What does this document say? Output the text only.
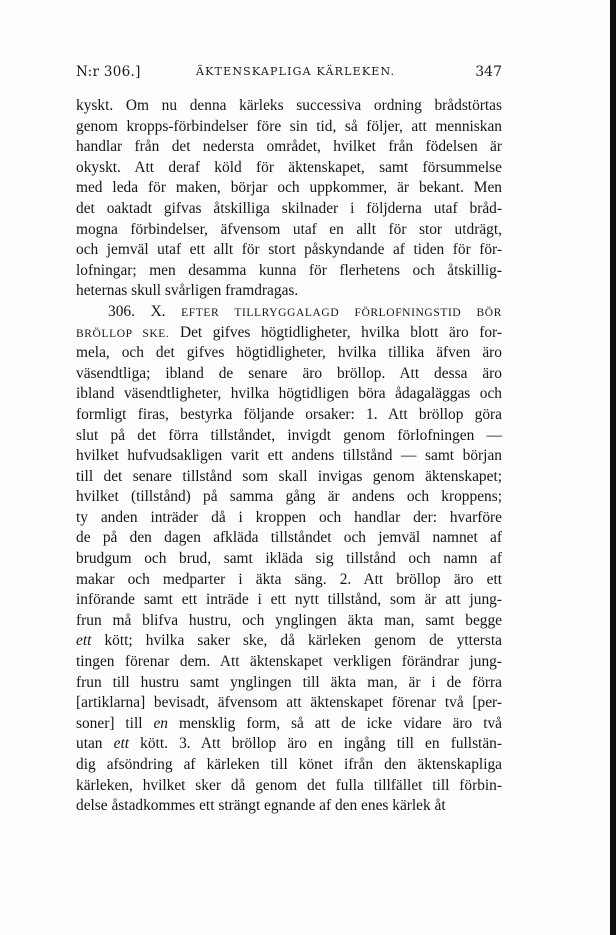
N:r 306.]	ÄKTENSKAPLIGA KÄRLEKEN.	347
kyskt. Om nu denna kärleks successiva ordning brådstörtas
genom kropps-förbindelser före sin tid, så följer, att menniskan
handlar från det nedersta området, hvilket från födelsen är
okyskt. Att deraf köld för äktenskapet, samt försummelse
med leda för maken, börjar och uppkommer, är bekant. Men
det oaktadt gifvas åtskilliga skilnader i följderna utaf bråd-
mogna förbindelser, äfvensom utaf en allt för stor utdrägt,
och jemväl utaf ett allt för stort påskyndande af tiden för för-
lofningar; men desamma kunna för flerhetens och åtskillig-
heternas skull svårligen framdragas.
306. X. EFTER TILLRYGGALAGD FÖRLOFNINGSTID BÖR
BRÖLLOP SKE. Det gifves högtidligheter, hvilka blott äro for-
mela, och det gifves högtidligheter, hvilka tillika äfven äro
väsendtliga; ibland de senare äro bröllop. Att dessa äro
ibland väsendtligheter, hvilka högtidligen böra ådagaläggas och
formligt firas, bestyrka följande orsaker: 1. Att bröllop göra
slut på det förra tillståndet, invigdt genom förlofningen —
hvilket hufvudsakligen varit ett andens tillstånd — samt början
till det senare tillstånd som skall invigas genom äktenskapet;
hvilket (tillstånd) på samma gång är andens och kroppens;
ty anden inträder då i kroppen och handlar der: hvarföre
de på den dagen afkläda tillståndet och jemväl namnet af
brudgum och brud, samt ikläda sig tillstånd och namn af
makar och medparter i äkta säng. 2. Att bröllop äro ett
införande samt ett inträde i ett nytt tillstånd, som är att jung-
frun må blifva hustru, och ynglingen äkta man, samt begge
ett kött; hvilka saker ske, då kärleken genom de yttersta
tingen förenar dem. Att äktenskapet verkligen förändrar jung-
frun till hustru samt ynglingen till äkta man, är i de förra
[artiklarna] bevisadt, äfvensom att äktenskapet förenar två [per-
soner] till en mensklig form, så att de icke vidare äro två
utan ett kött. 3. Att bröllop äro en ingång till en fullstän-
dig afsöndring af kärleken till könet ifrån den äktenskapliga
kärleken, hvilket sker då genom det fulla tillfället till förbin-
delse åstadkommes ett strängt egnande af den enes kärlek åt
